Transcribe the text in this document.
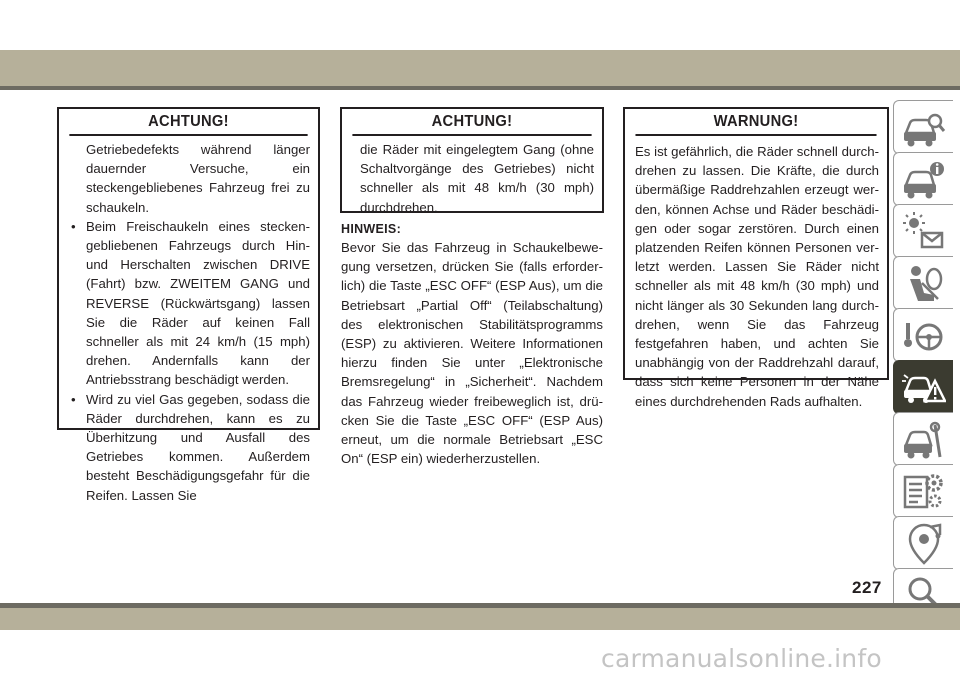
ACHTUNG!
Getriebedefekts während länger dauernder Versuche, ein steckengebliebenes Fahrzeug frei zu schaukeln.
• Beim Freischaukeln eines steckengebliebenen Fahrzeugs durch Hin- und Herschalten zwischen DRIVE (Fahrt) bzw. ZWEITEM GANG und REVERSE (Rückwärtsgang) lassen Sie die Räder auf keinen Fall schneller als mit 24 km/h (15 mph) drehen. Andernfalls kann der Antriebsstrang beschädigt werden.
• Wird zu viel Gas gegeben, sodass die Räder durchdrehen, kann es zu Überhitzung und Ausfall des Getriebes kommen. Außerdem besteht Beschädigungsgefahr für die Reifen. Lassen Sie
ACHTUNG!
die Räder mit eingelegtem Gang (ohne Schaltvorgänge des Getriebes) nicht schneller als mit 48 km/h (30 mph) durchdrehen.
HINWEIS:
Bevor Sie das Fahrzeug in Schaukelbewegung versetzen, drücken Sie (falls erforderlich) die Taste „ESC OFF“ (ESP Aus), um die Betriebsart „Partial Off“ (Teilabschaltung) des elektronischen Stabilitätsprogramms (ESP) zu aktivieren. Weitere Informationen hierzu finden Sie unter „Elektronische Bremsregelung“ in „Sicherheit“. Nachdem das Fahrzeug wieder freibeweglich ist, drücken Sie die Taste „ESC OFF“ (ESP Aus) erneut, um die normale Betriebsart „ESC On“ (ESP ein) wiederherzustellen.
WARNUNG!
Es ist gefährlich, die Räder schnell durchdrehen zu lassen. Die Kräfte, die durch übermäßige Raddrehzahlen erzeugt werden, können Achse und Räder beschädigen oder sogar zerstören. Durch einen platzenden Reifen können Personen verletzt werden. Lassen Sie Räder nicht schneller als mit 48 km/h (30 mph) und nicht länger als 30 Sekunden lang durchdrehen, wenn Sie das Fahrzeug festgefahren haben, und achten Sie unabhängig von der Raddrehzahl darauf, dass sich keine Personen in der Nähe eines durchdrehenden Rads aufhalten.
227
carmanualsonline.info
